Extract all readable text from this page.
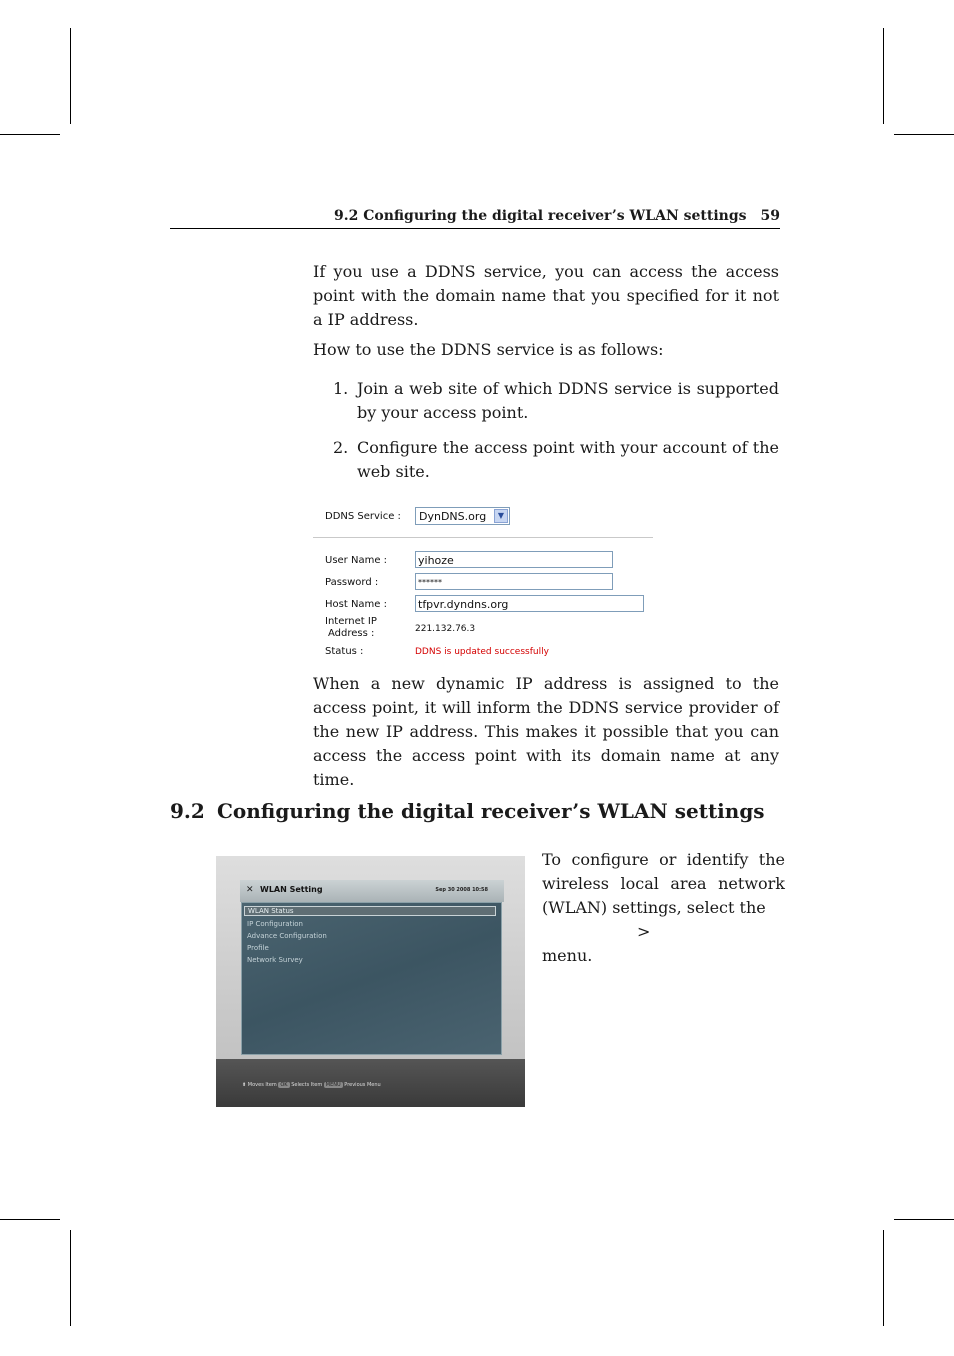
9.2 Configuring the digital receiver’s WLAN settings 59
If you use a DDNS service, you can access the access point with the domain name that you specified for it not a IP address.
How to use the DDNS service is as follows:
1. Join a web site of which DDNS service is supported by your access point.
2. Configure the access point with your account of the web site.
DDNS Service :	DynDNS.org	▼
User Name :	yihoze
Password :	******
Host Name :	tfpvr.dyndns.org
Internet IP
Address :	221.132.76.3
Status :	DDNS is updated successfully
When a new dynamic IP address is assigned to the access point, it will inform the DDNS service provider of the new IP address. This makes it possible that you can access the access point with its domain name at any time.
9.2 Configuring the digital receiver’s WLAN settings
✕ WLAN Setting	Sep 30 2008 10:58
WLAN Status
IP Configuration
Advance Configuration
Profile
Network Survey
⬍ Moves Item OK Selects Item MENU Previous Menu
To configure or identify the wireless local area network (WLAN) settings, select the
>
menu.
